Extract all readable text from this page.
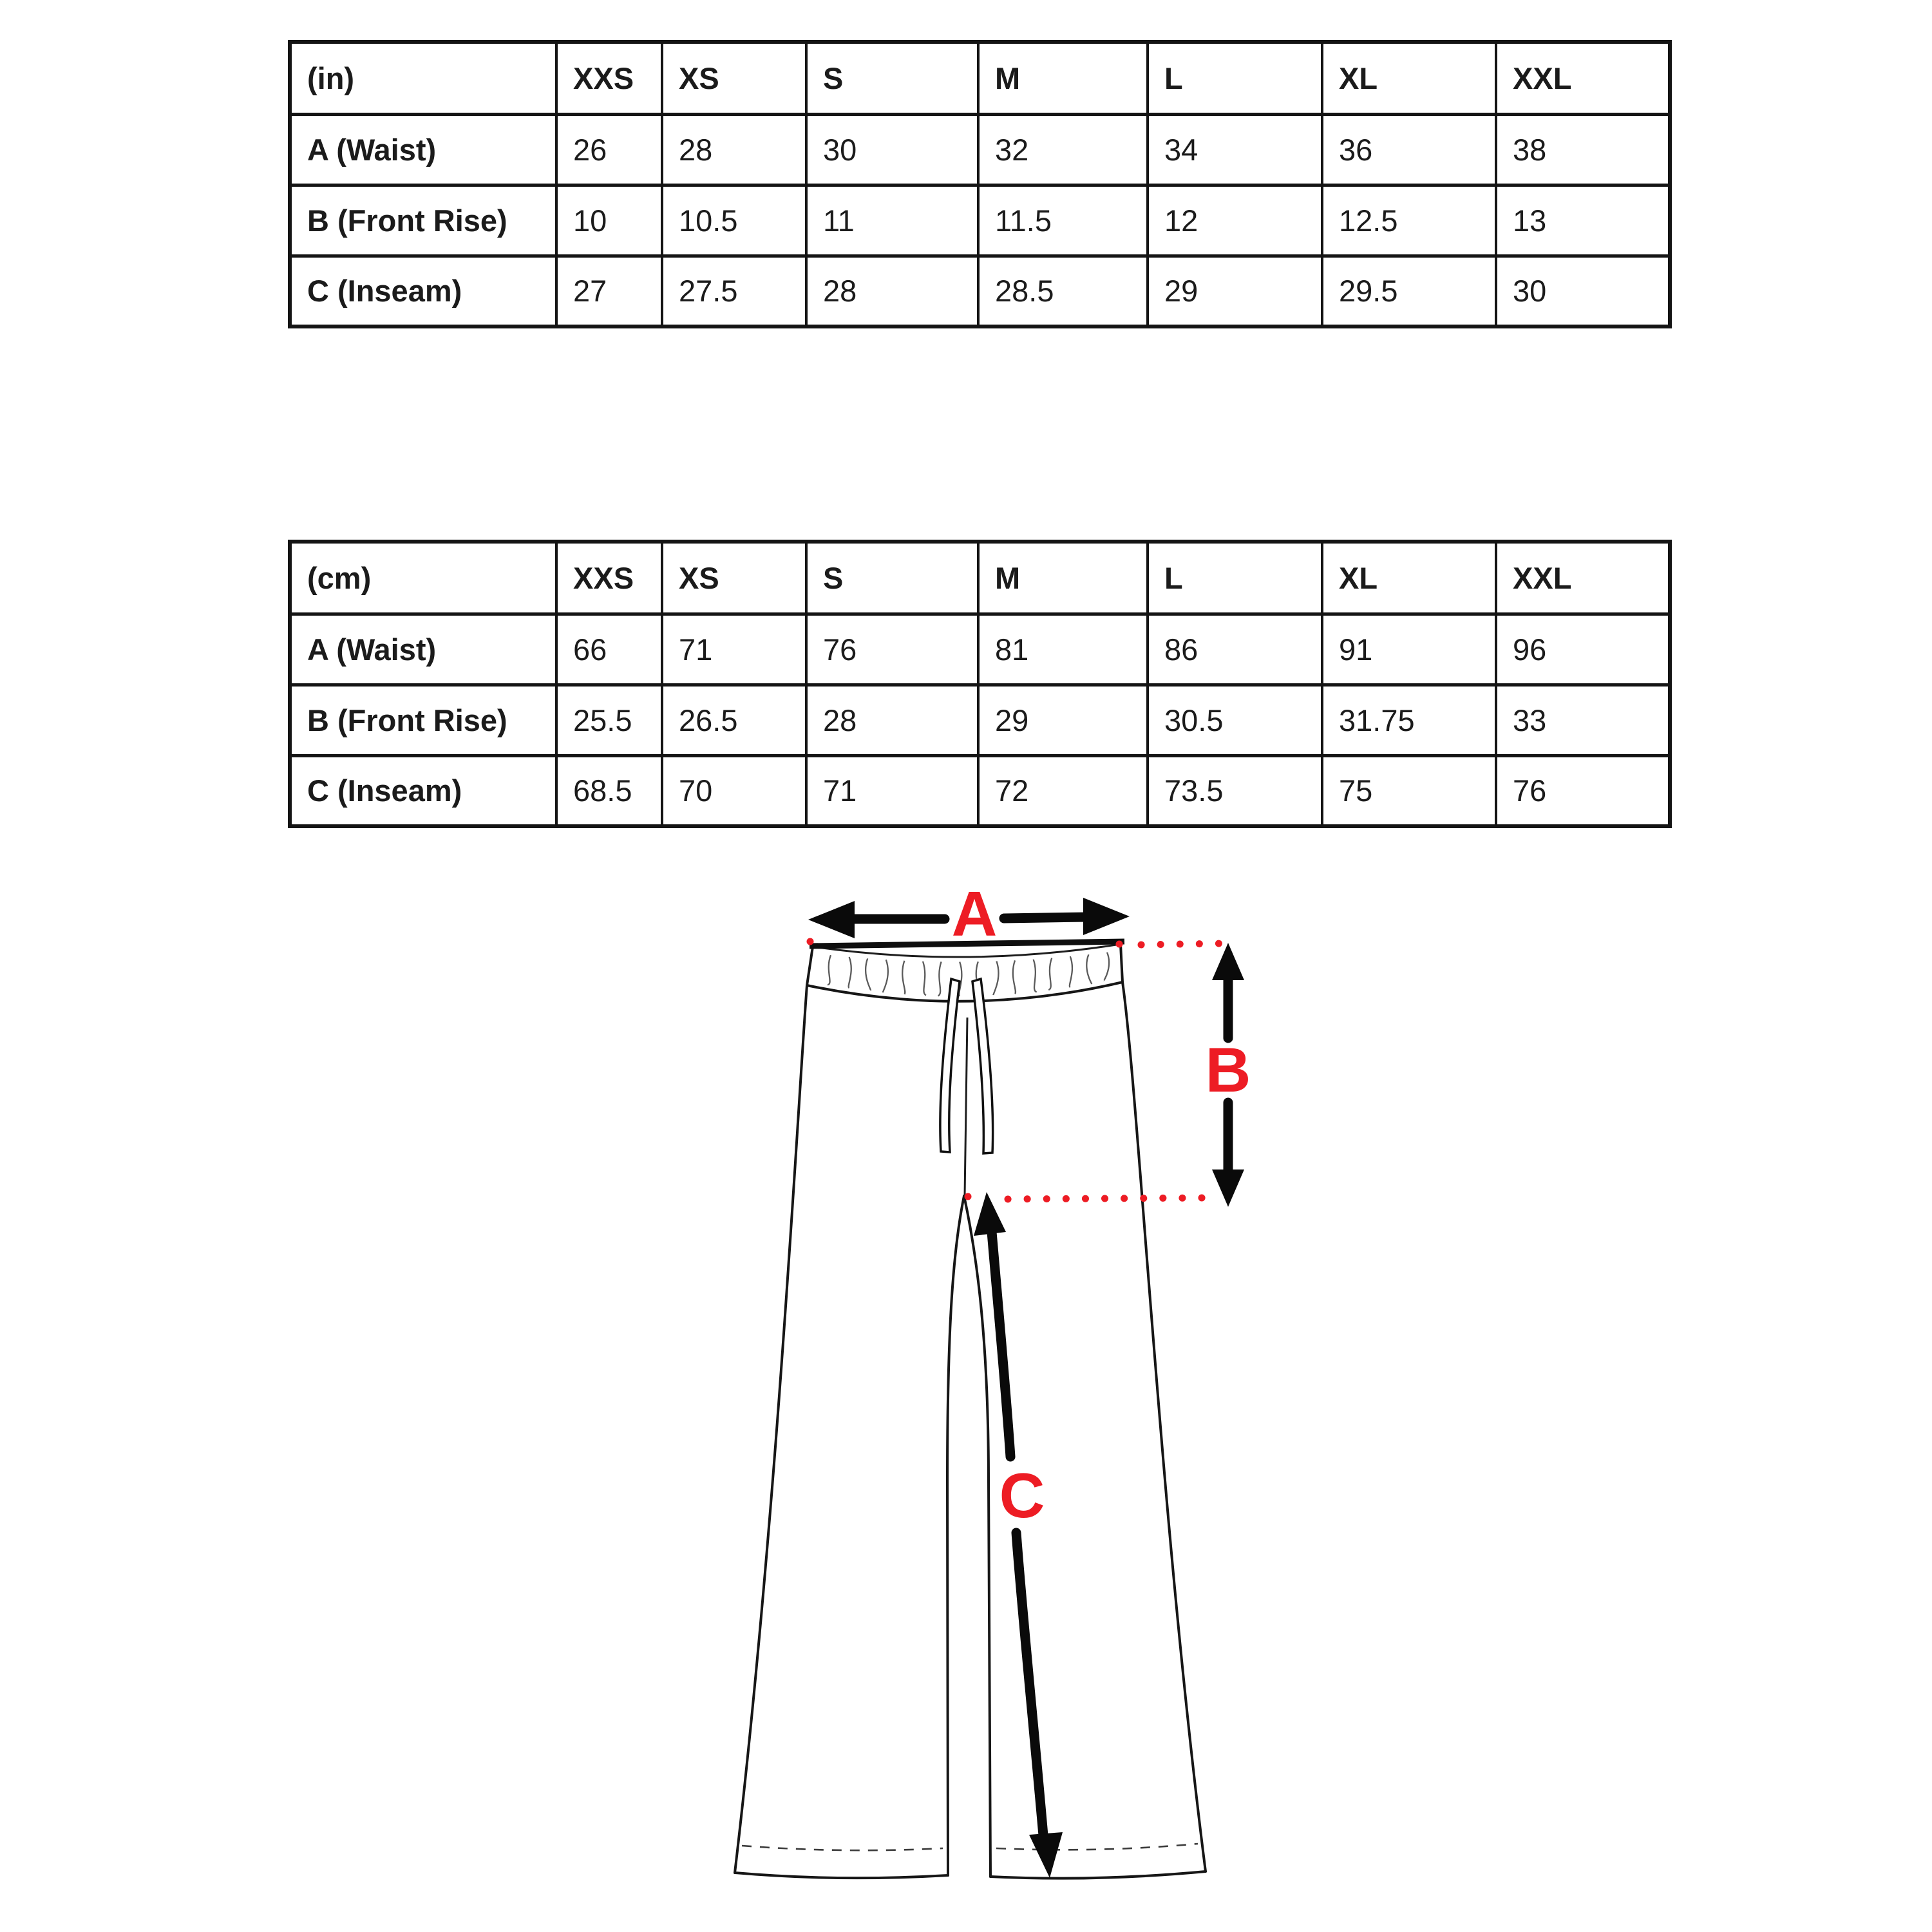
(in)	XXS	XS	S	M	L	XL	XXL
A (Waist)	26	28	30	32	34	36	38
B (Front Rise)	10	10.5	11	11.5	12	12.5	13
C (Inseam)	27	27.5	28	28.5	29	29.5	30
(cm)	XXS	XS	S	M	L	XL	XXL
A (Waist)	66	71	76	81	86	91	96
B (Front Rise)	25.5	26.5	28	29	30.5	31.75	33
C (Inseam)	68.5	70	71	72	73.5	75	76
A
B
C
